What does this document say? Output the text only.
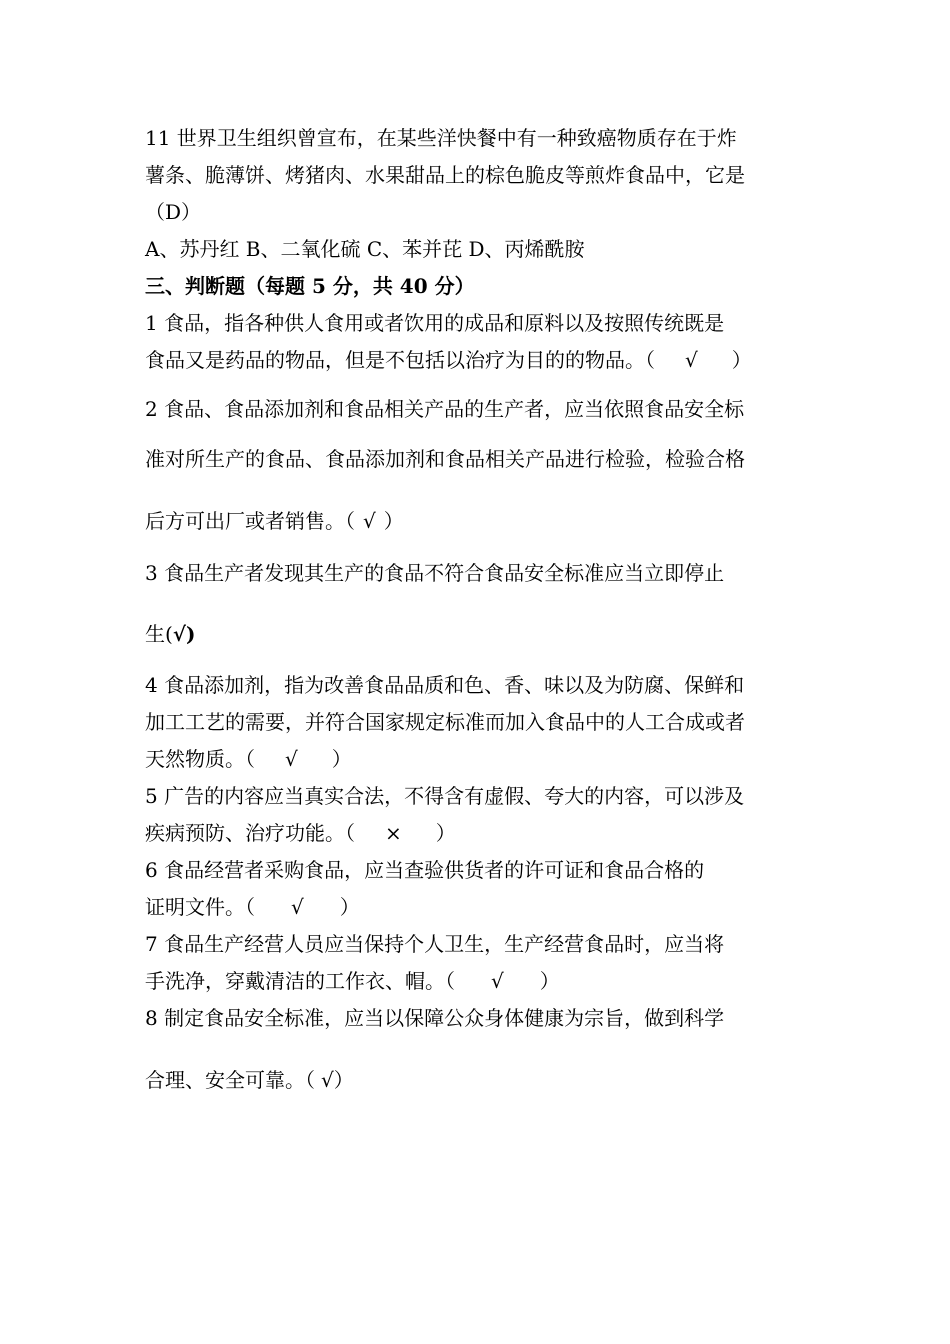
11 世界卫生组织曾宣布，在某些洋快餐中有一种致癌物质存在于炸
薯条、脆薄饼、烤猪肉、水果甜品上的棕色脆皮等煎炸食品中，它是
（D）
A、苏丹红 B、二氧化硫 C、苯并芘 D、丙烯酰胺
三、判断题（每题 5 分，共 40 分）
1 食品，指各种供人食用或者饮用的成品和原料以及按照传统既是
食品又是药品的物品，但是不包括以治疗为目的的物品。（ √ ）
2 食品、食品添加剂和食品相关产品的生产者，应当依照食品安全标
准对所生产的食品、食品添加剂和食品相关产品进行检验，检验合格
后方可出厂或者销售。（ √ ）
3 食品生产者发现其生产的食品不符合食品安全标准应当立即停止
生(√)
4 食品添加剂，指为改善食品品质和色、香、味以及为防腐、保鲜和
加工工艺的需要，并符合国家规定标准而加入食品中的人工合成或者
天然物质。（ √ ）
5 广告的内容应当真实合法，不得含有虚假、夸大的内容，可以涉及
疾病预防、治疗功能。（ × ）
6 食品经营者采购食品，应当查验供货者的许可证和食品合格的
证明文件。（ √ ）
7 食品生产经营人员应当保持个人卫生，生产经营食品时，应当将
手洗净，穿戴清洁的工作衣、帽。（ √ ）
8 制定食品安全标准，应当以保障公众身体健康为宗旨，做到科学
合理、安全可靠。（ √）
